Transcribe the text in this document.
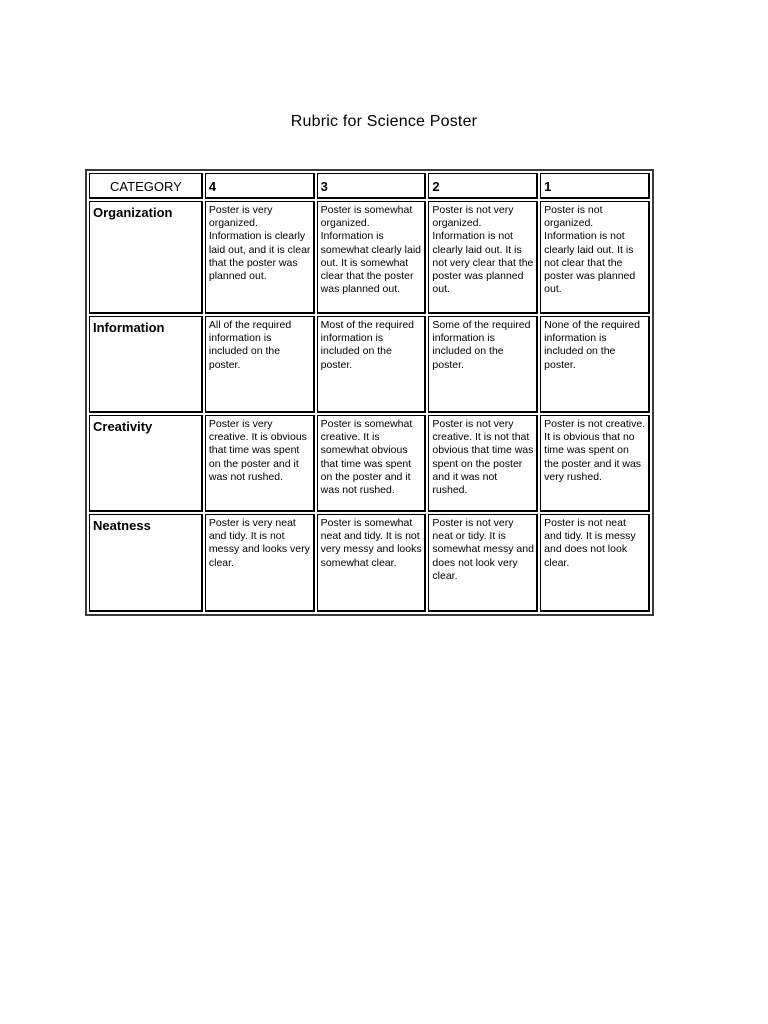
Rubric for Science Poster
CATEGORY	4	3	2	1
Organization	Poster is very organized. Information is clearly laid out, and it is clear that the poster was planned out.	Poster is somewhat organized. Information is somewhat clearly laid out. It is somewhat clear that the poster was planned out.	Poster is not very organized. Information is not clearly laid out. It is not very clear that the poster was planned out.	Poster is not organized. Information is not clearly laid out. It is not clear that the poster was planned out.
Information	All of the required information is included on the poster.	Most of the required information is included on the poster.	Some of the required information is included on the poster.	None of the required information is included on the poster.
Creativity	Poster is very creative. It is obvious that time was spent on the poster and it was not rushed.	Poster is somewhat creative. It is somewhat obvious that time was spent on the poster and it was not rushed.	Poster is not very creative. It is not that obvious that time was spent on the poster and it was not rushed.	Poster is not creative. It is obvious that no time was spent on the poster and it was very rushed.
Neatness	Poster is very neat and tidy. It is not messy and looks very clear.	Poster is somewhat neat and tidy. It is not very messy and looks somewhat clear.	Poster is not very neat or tidy. It is somewhat messy and does not look very clear.	Poster is not neat and tidy. It is messy and does not look clear.
